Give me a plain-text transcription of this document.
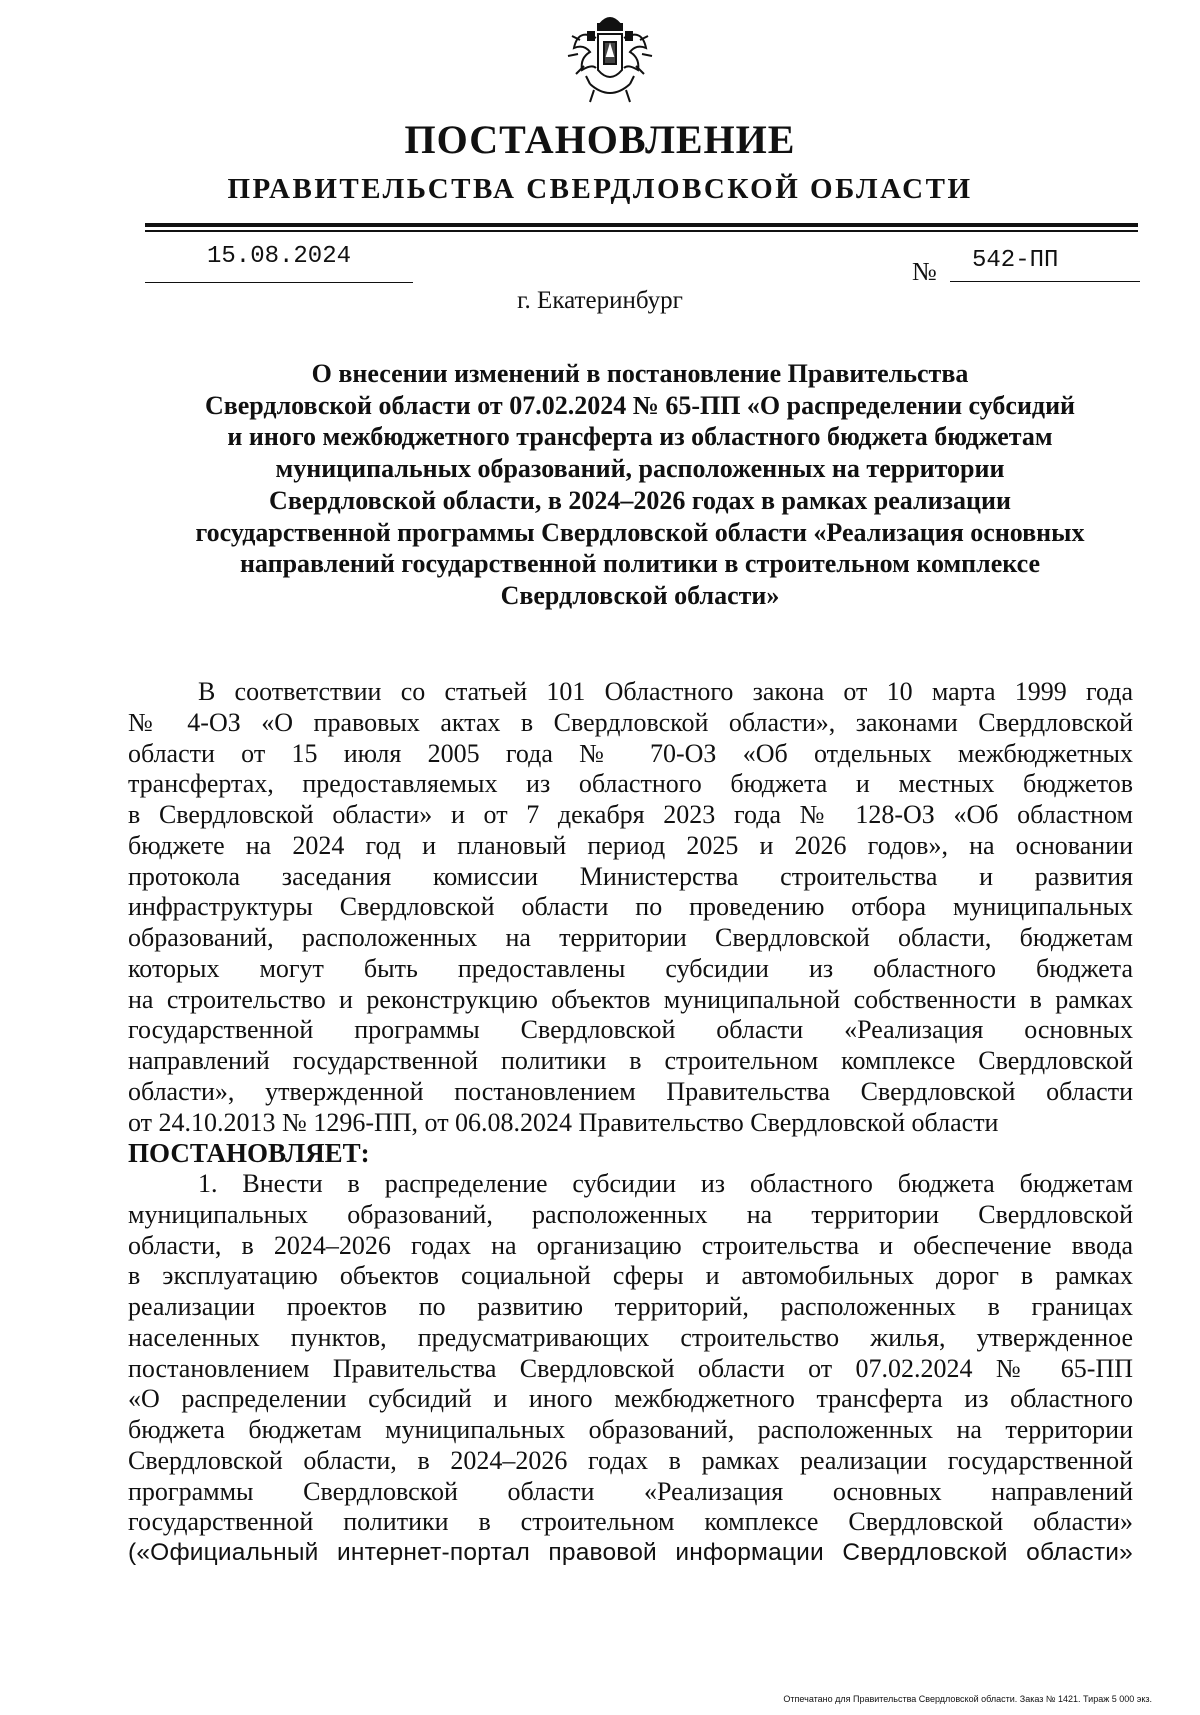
ПОСТАНОВЛЕНИЕ
ПРАВИТЕЛЬСТВА СВЕРДЛОВСКОЙ ОБЛАСТИ
15.08.2024
№	542-ПП
г. Екатеринбург
О внесении изменений в постановление Правительства
Свердловской области от 07.02.2024 № 65-ПП «О распределении субсидий
и иного межбюджетного трансферта из областного бюджета бюджетам
муниципальных образований, расположенных на территории
Свердловской области, в 2024–2026 годах в рамках реализации
государственной программы Свердловской области «Реализация основных
направлений государственной политики в строительном комплексе
Свердловской области»
В соответствии со статьей 101 Областного закона от 10 марта 1999 года
№ 4-ОЗ «О правовых актах в Свердловской области», законами Свердловской
области от 15 июля 2005 года № 70-ОЗ «Об отдельных межбюджетных
трансфертах, предоставляемых из областного бюджета и местных бюджетов
в Свердловской области» и от 7 декабря 2023 года № 128-ОЗ «Об областном
бюджете на 2024 год и плановый период 2025 и 2026 годов», на основании
протокола заседания комиссии Министерства строительства и развития
инфраструктуры Свердловской области по проведению отбора муниципальных
образований, расположенных на территории Свердловской области, бюджетам
которых могут быть предоставлены субсидии из областного бюджета
на строительство и реконструкцию объектов муниципальной собственности в рамках
государственной программы Свердловской области «Реализация основных
направлений государственной политики в строительном комплексе Свердловской
области», утвержденной постановлением Правительства Свердловской области
от 24.10.2013 № 1296-ПП, от 06.08.2024 Правительство Свердловской области
ПОСТАНОВЛЯЕТ:
1. Внести в распределение субсидии из областного бюджета бюджетам
муниципальных образований, расположенных на территории Свердловской
области, в 2024–2026 годах на организацию строительства и обеспечение ввода
в эксплуатацию объектов социальной сферы и автомобильных дорог в рамках
реализации проектов по развитию территорий, расположенных в границах
населенных пунктов, предусматривающих строительство жилья, утвержденное
постановлением Правительства Свердловской области от 07.02.2024 № 65-ПП
«О распределении субсидий и иного межбюджетного трансферта из областного
бюджета бюджетам муниципальных образований, расположенных на территории
Свердловской области, в 2024–2026 годах в рамках реализации государственной
программы Свердловской области «Реализация основных направлений
государственной политики в строительном комплексе Свердловской области»
(«Официальный интернет-портал правовой информации Свердловской области»
Отпечатано для Правительства Свердловской области. Заказ № 1421. Тираж 5 000 экз.
